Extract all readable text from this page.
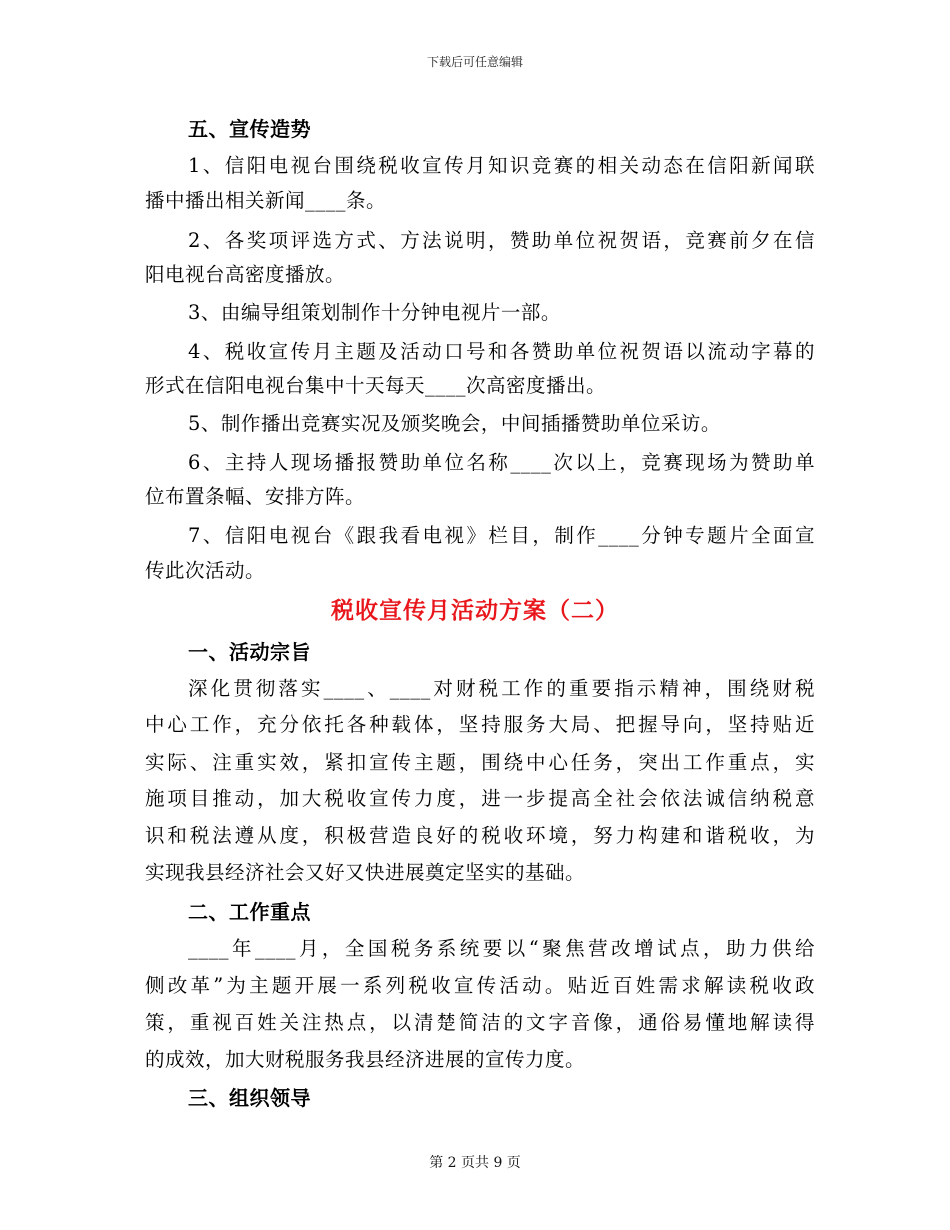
下载后可任意编辑
五、宣传造势
1、信阳电视台围绕税收宣传月知识竞赛的相关动态在信阳新闻联
播中播出相关新闻____条。
2、各奖项评选方式、方法说明，赞助单位祝贺语，竞赛前夕在信
阳电视台高密度播放。
3、由编导组策划制作十分钟电视片一部。
4、税收宣传月主题及活动口号和各赞助单位祝贺语以流动字幕的
形式在信阳电视台集中十天每天____次高密度播出。
5、制作播出竞赛实况及颁奖晚会，中间插播赞助单位采访。
6、主持人现场播报赞助单位名称____次以上，竞赛现场为赞助单
位布置条幅、安排方阵。
7、信阳电视台《跟我看电视》栏目，制作____分钟专题片全面宣
传此次活动。
税收宣传月活动方案（二）
一、活动宗旨
深化贯彻落实____、____对财税工作的重要指示精神，围绕财税
中心工作，充分依托各种载体，坚持服务大局、把握导向，坚持贴近
实际、注重实效，紧扣宣传主题，围绕中心任务，突出工作重点，实
施项目推动，加大税收宣传力度，进一步提高全社会依法诚信纳税意
识和税法遵从度，积极营造良好的税收环境，努力构建和谐税收，为
实现我县经济社会又好又快进展奠定坚实的基础。
二、工作重点
____年____月，全国税务系统要以“聚焦营改增试点，助力供给
侧改革”为主题开展一系列税收宣传活动。贴近百姓需求解读税收政
策，重视百姓关注热点，以清楚简洁的文字音像，通俗易懂地解读得
的成效，加大财税服务我县经济进展的宣传力度。
三、组织领导
第 2 页共 9 页
